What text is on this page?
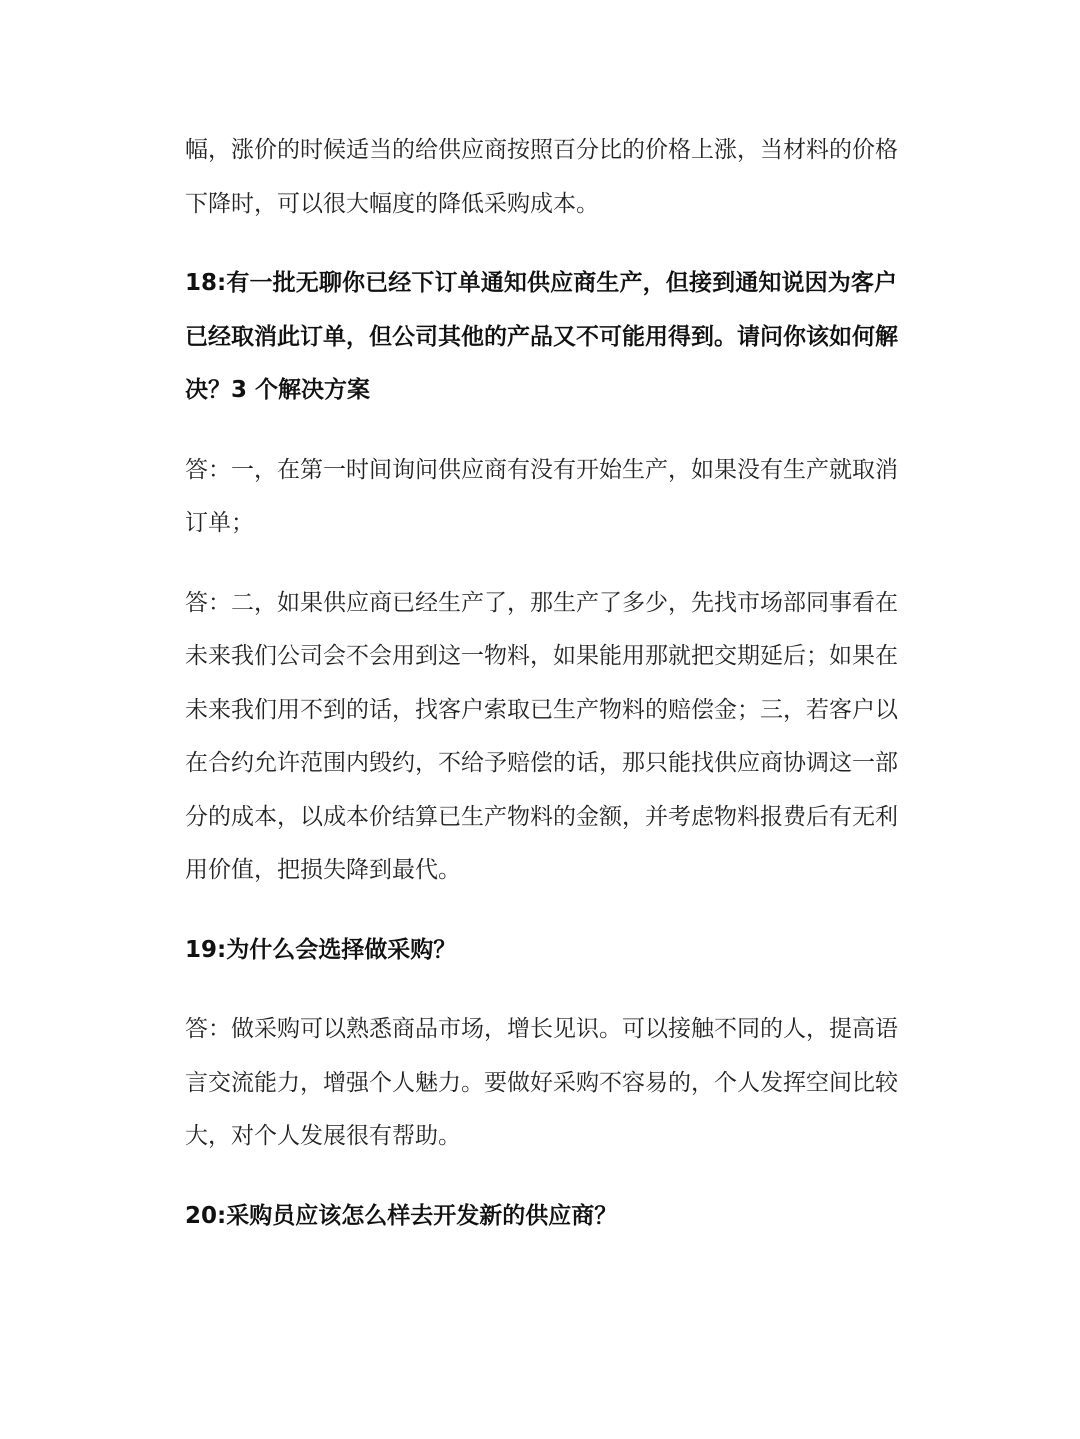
幅，涨价的时候适当的给供应商按照百分比的价格上涨，当材料的价格
下降时，可以很大幅度的降低采购成本。
18:有一批无聊你已经下订单通知供应商生产，但接到通知说因为客户
已经取消此订单，但公司其他的产品又不可能用得到。请问你该如何解
决？3 个解决方案
答：一，在第一时间询问供应商有没有开始生产，如果没有生产就取消
订单；
答：二，如果供应商已经生产了，那生产了多少，先找市场部同事看在
未来我们公司会不会用到这一物料，如果能用那就把交期延后；如果在
未来我们用不到的话，找客户索取已生产物料的赔偿金；三，若客户以
在合约允许范围内毁约，不给予赔偿的话，那只能找供应商协调这一部
分的成本，以成本价结算已生产物料的金额，并考虑物料报费后有无利
用价值，把损失降到最代。
19:为什么会选择做采购？
答：做采购可以熟悉商品市场，增长见识。可以接触不同的人，提高语
言交流能力，增强个人魅力。要做好采购不容易的，个人发挥空间比较
大，对个人发展很有帮助。
20:采购员应该怎么样去开发新的供应商？
